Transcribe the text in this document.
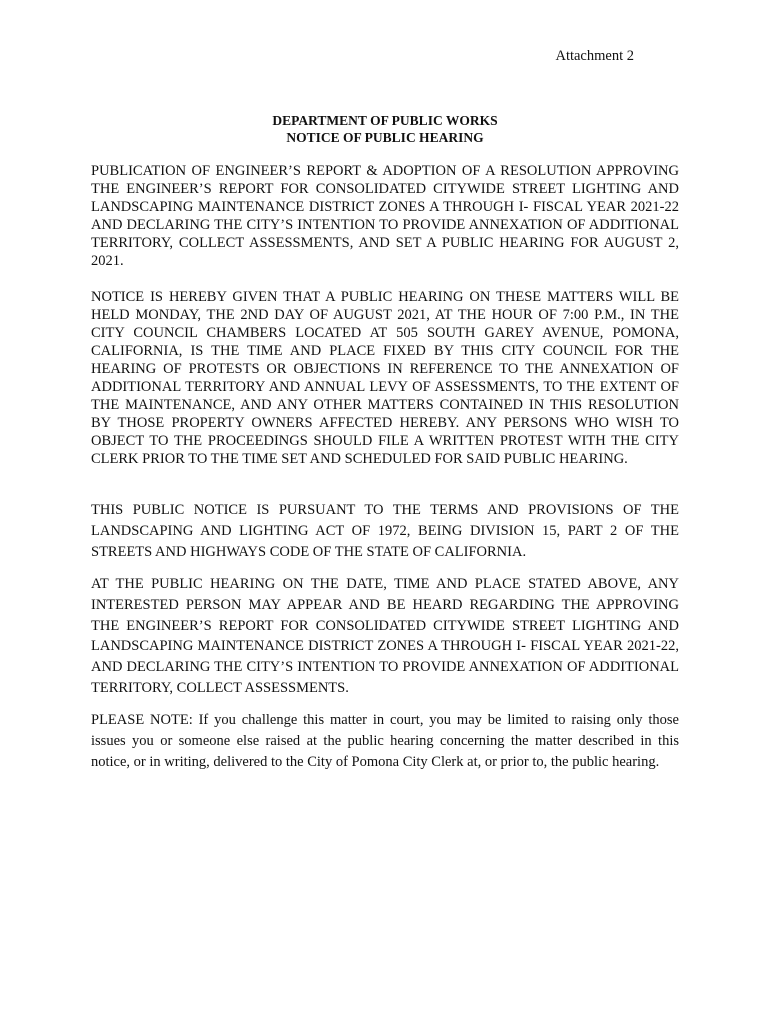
Attachment 2
DEPARTMENT OF PUBLIC WORKS
NOTICE OF PUBLIC HEARING

PUBLICATION OF ENGINEER’S REPORT & ADOPTION OF A RESOLUTION APPROVING THE ENGINEER’S REPORT FOR CONSOLIDATED CITYWIDE STREET LIGHTING AND LANDSCAPING MAINTENANCE DISTRICT ZONES A THROUGH I- FISCAL YEAR 2021-22 AND DECLARING THE CITY’S INTENTION TO PROVIDE ANNEXATION OF ADDITIONAL TERRITORY, COLLECT ASSESSMENTS, AND SET A PUBLIC HEARING FOR AUGUST 2, 2021.

NOTICE IS HEREBY GIVEN THAT A PUBLIC HEARING ON THESE MATTERS WILL BE HELD MONDAY, THE 2ND DAY OF AUGUST 2021, AT THE HOUR OF 7:00 P.M., IN THE CITY COUNCIL CHAMBERS LOCATED AT 505 SOUTH GAREY AVENUE, POMONA, CALIFORNIA, IS THE TIME AND PLACE FIXED BY THIS CITY COUNCIL FOR THE HEARING OF PROTESTS OR OBJECTIONS IN REFERENCE TO THE ANNEXATION OF ADDITIONAL TERRITORY AND ANNUAL LEVY OF ASSESSMENTS, TO THE EXTENT OF THE MAINTENANCE, AND ANY OTHER MATTERS CONTAINED IN THIS RESOLUTION BY THOSE PROPERTY OWNERS AFFECTED HEREBY. ANY PERSONS WHO WISH TO OBJECT TO THE PROCEEDINGS SHOULD FILE A WRITTEN PROTEST WITH THE CITY CLERK PRIOR TO THE TIME SET AND SCHEDULED FOR SAID PUBLIC HEARING.

THIS PUBLIC NOTICE IS PURSUANT TO THE TERMS AND PROVISIONS OF THE LANDSCAPING AND LIGHTING ACT OF 1972, BEING DIVISION 15, PART 2 OF THE STREETS AND HIGHWAYS CODE OF THE STATE OF CALIFORNIA.

AT THE PUBLIC HEARING ON THE DATE, TIME AND PLACE STATED ABOVE, ANY INTERESTED PERSON MAY APPEAR AND BE HEARD REGARDING THE APPROVING THE ENGINEER’S REPORT FOR CONSOLIDATED CITYWIDE STREET LIGHTING AND LANDSCAPING MAINTENANCE DISTRICT ZONES A THROUGH I- FISCAL YEAR 2021-22, AND DECLARING THE CITY’S INTENTION TO PROVIDE ANNEXATION OF ADDITIONAL TERRITORY, COLLECT ASSESSMENTS.

PLEASE NOTE: If you challenge this matter in court, you may be limited to raising only those issues you or someone else raised at the public hearing concerning the matter described in this notice, or in writing, delivered to the City of Pomona City Clerk at, or prior to, the public hearing.
